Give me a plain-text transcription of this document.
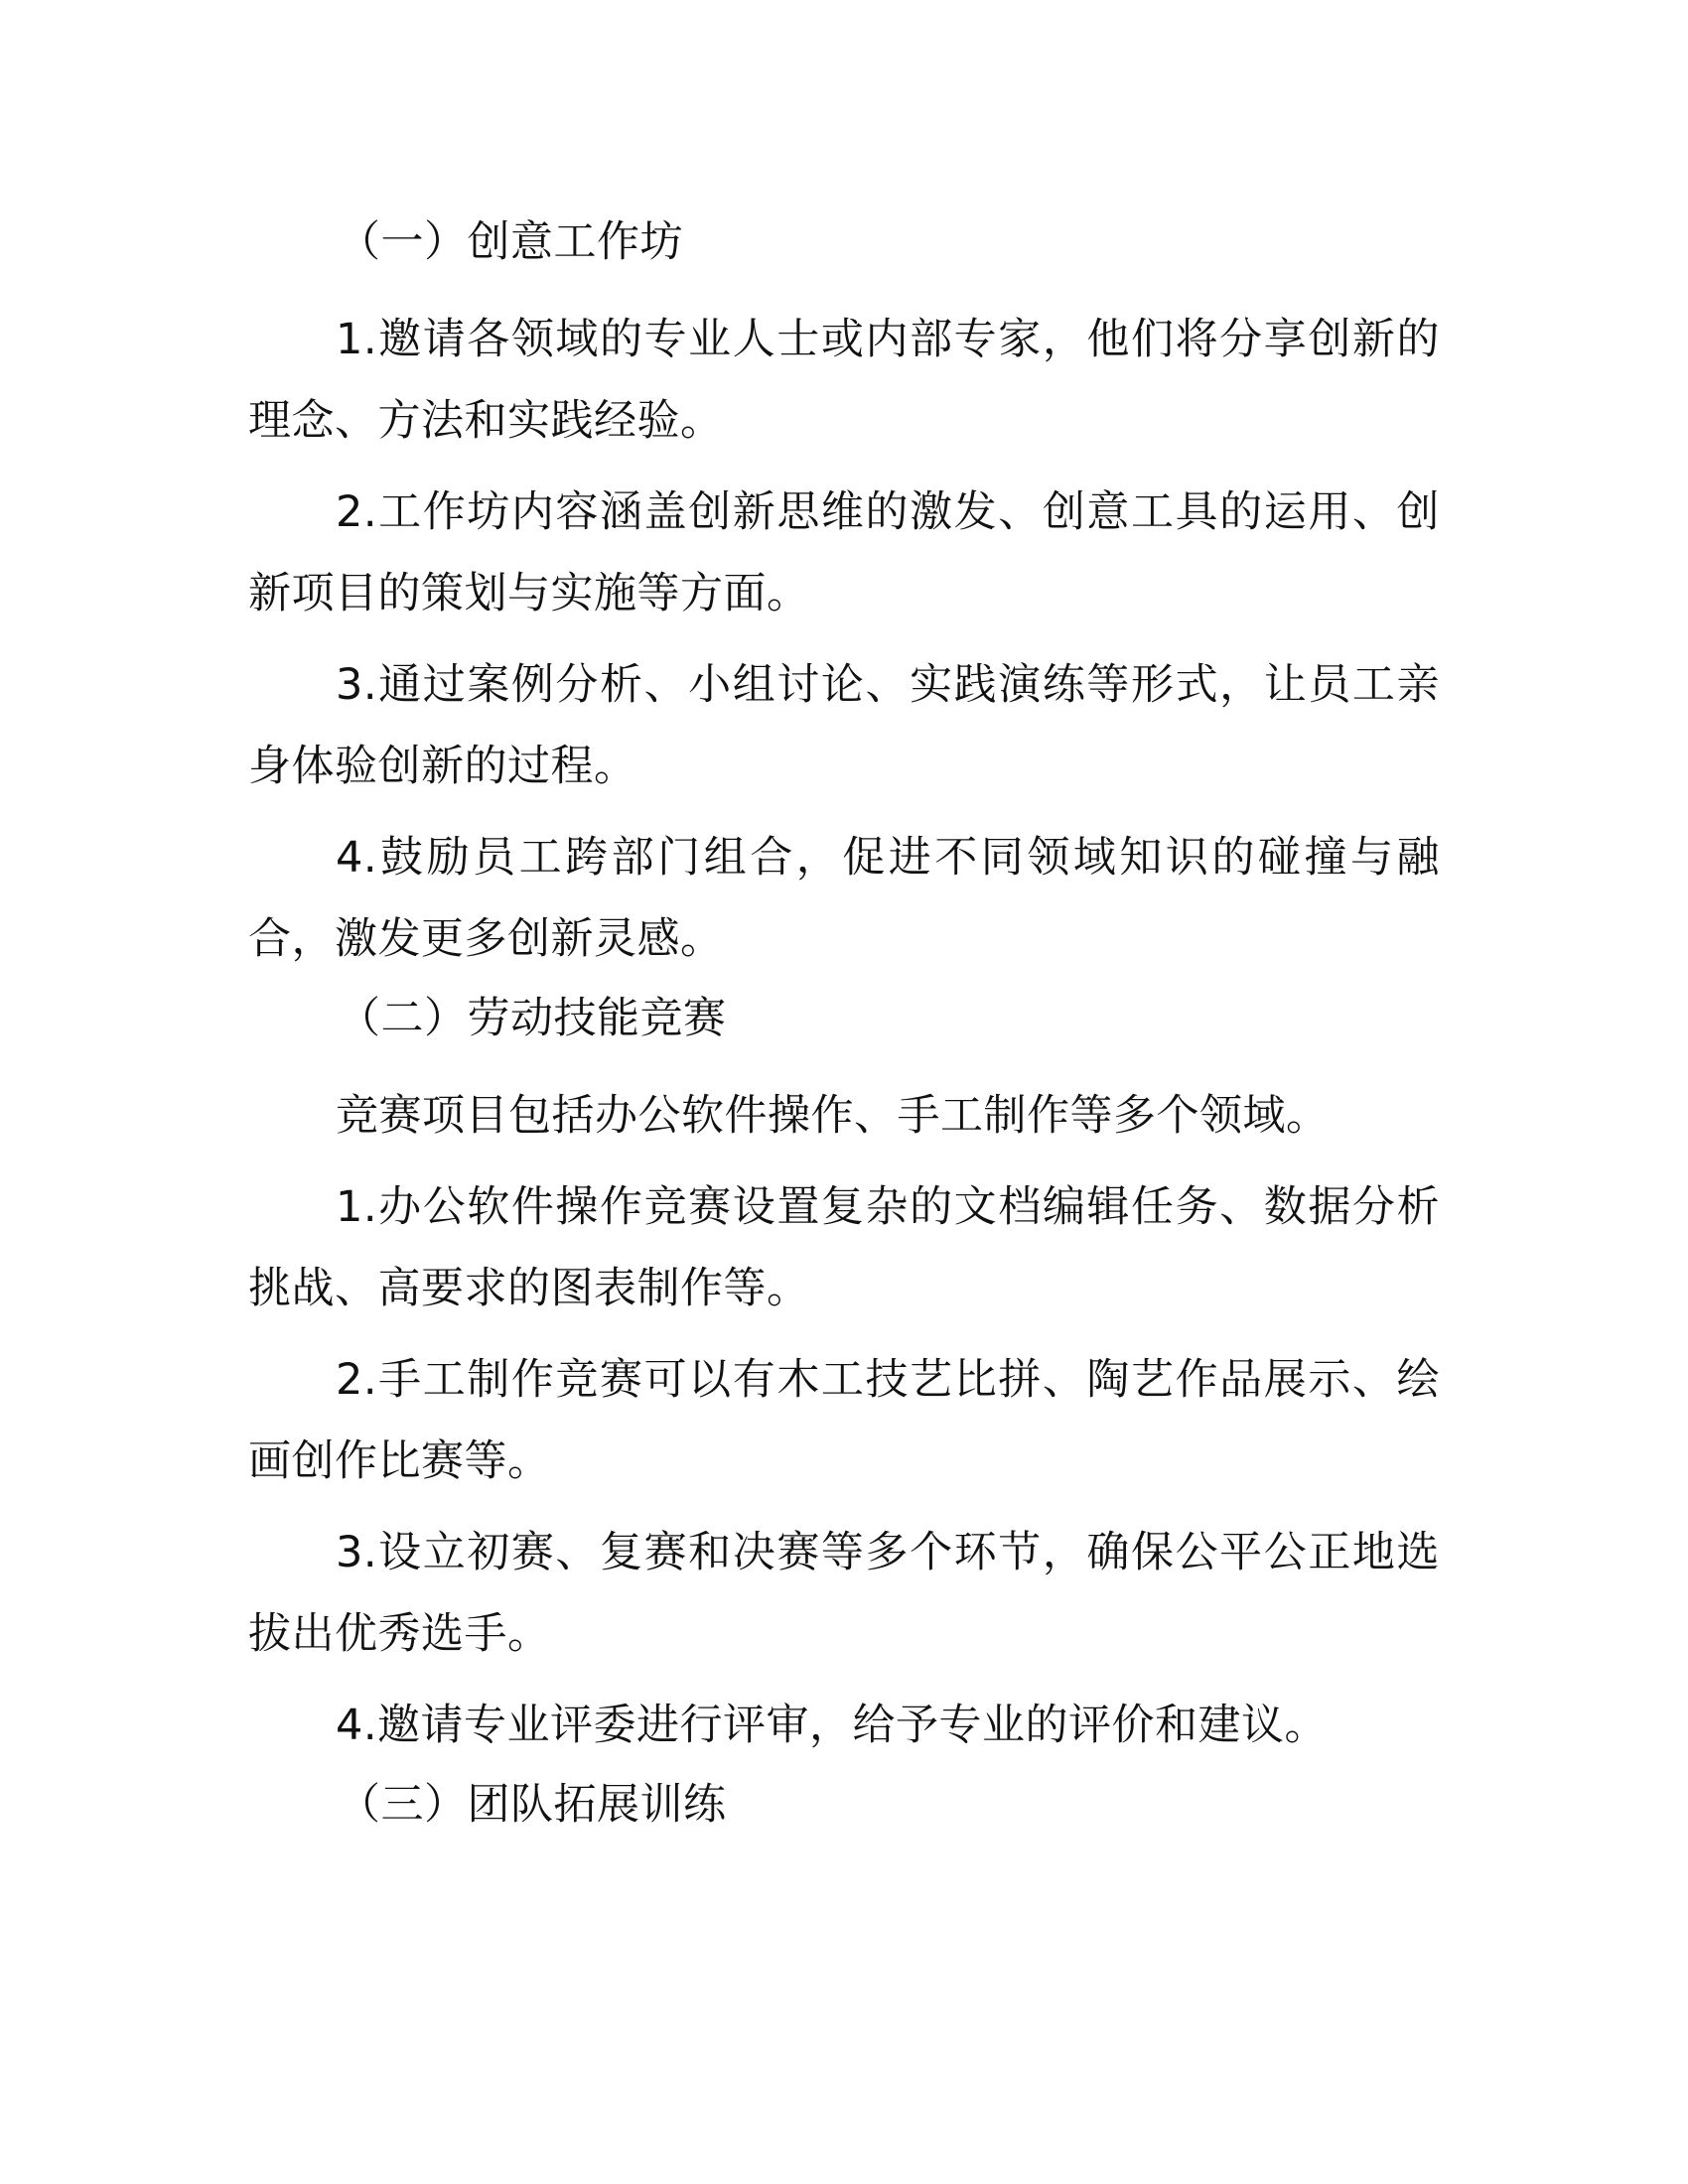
（一）创意工作坊
1.邀请各领域的专业人士或内部专家，他们将分享创新的理念、方法和实践经验。
2.工作坊内容涵盖创新思维的激发、创意工具的运用、创新项目的策划与实施等方面。
3.通过案例分析、小组讨论、实践演练等形式，让员工亲身体验创新的过程。
4.鼓励员工跨部门组合，促进不同领域知识的碰撞与融合，激发更多创新灵感。
（二）劳动技能竞赛
竞赛项目包括办公软件操作、手工制作等多个领域。
1.办公软件操作竞赛设置复杂的文档编辑任务、数据分析挑战、高要求的图表制作等。
2.手工制作竞赛可以有木工技艺比拼、陶艺作品展示、绘画创作比赛等。
3.设立初赛、复赛和决赛等多个环节，确保公平公正地选拔出优秀选手。
4.邀请专业评委进行评审，给予专业的评价和建议。
（三）团队拓展训练
